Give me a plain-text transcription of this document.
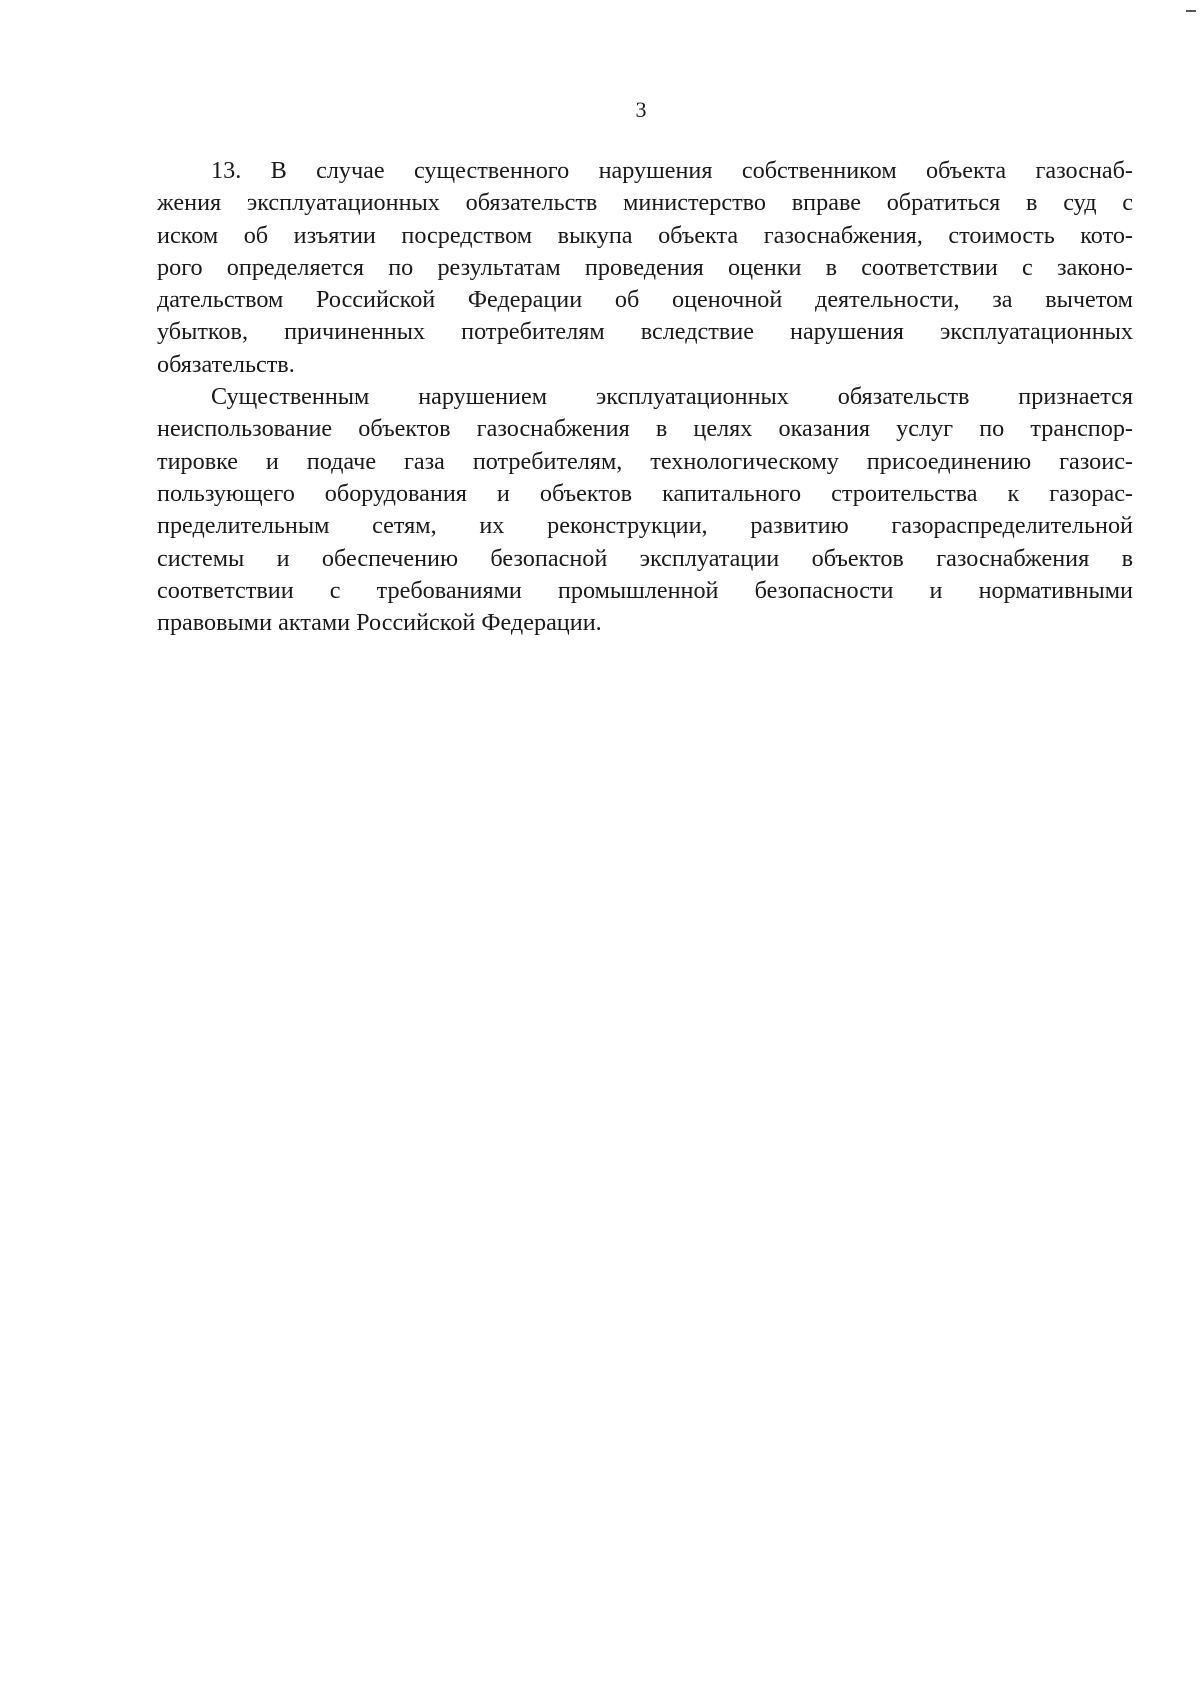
3
13. В случае существенного нарушения собственником объекта газоснаб-
жения эксплуатационных обязательств министерство вправе обратиться в суд с
иском об изъятии посредством выкупа объекта газоснабжения, стоимость кото-
рого определяется по результатам проведения оценки в соответствии с законо-
дательством Российской Федерации об оценочной деятельности, за вычетом
убытков, причиненных потребителям вследствие нарушения эксплуатационных
обязательств.
Существенным нарушением эксплуатационных обязательств признается
неиспользование объектов газоснабжения в целях оказания услуг по транспор-
тировке и подаче газа потребителям, технологическому присоединению газоис-
пользующего оборудования и объектов капитального строительства к газорас-
пределительным сетям, их реконструкции, развитию газораспределительной
системы и обеспечению безопасной эксплуатации объектов газоснабжения в
соответствии с требованиями промышленной безопасности и нормативными
правовыми актами Российской Федерации.
